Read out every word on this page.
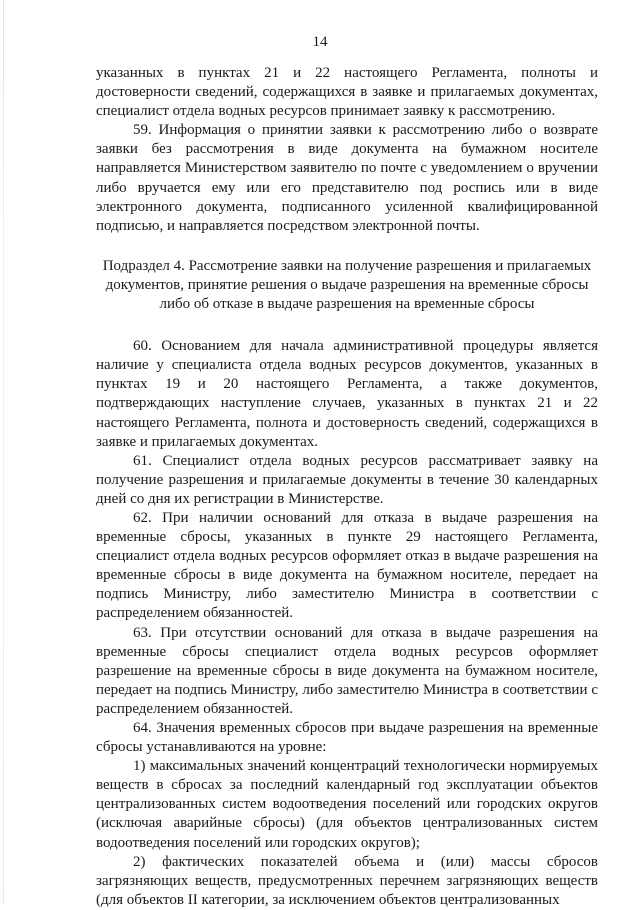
14

указанных в пунктах 21 и 22 настоящего Регламента, полноты и достоверности сведений, содержащихся в заявке и прилагаемых документах, специалист отдела водных ресурсов принимает заявку к рассмотрению.

59. Информация о принятии заявки к рассмотрению либо о возврате заявки без рассмотрения в виде документа на бумажном носителе направляется Министерством заявителю по почте с уведомлением о вручении либо вручается ему или его представителю под роспись или в виде электронного документа, подписанного усиленной квалифицированной подписью, и направляется посредством электронной почты.

Подраздел 4. Рассмотрение заявки на получение разрешения и прилагаемых документов, принятие решения о выдаче разрешения на временные сбросы либо об отказе в выдаче разрешения на временные сбросы

60. Основанием для начала административной процедуры является наличие у специалиста отдела водных ресурсов документов, указанных в пунктах 19 и 20 настоящего Регламента, а также документов, подтверждающих наступление случаев, указанных в пунктах 21 и 22 настоящего Регламента, полнота и достоверность сведений, содержащихся в заявке и прилагаемых документах.

61. Специалист отдела водных ресурсов рассматривает заявку на получение разрешения и прилагаемые документы в течение 30 календарных дней со дня их регистрации в Министерстве.

62. При наличии оснований для отказа в выдаче разрешения на временные сбросы, указанных в пункте 29 настоящего Регламента, специалист отдела водных ресурсов оформляет отказ в выдаче разрешения на временные сбросы в виде документа на бумажном носителе, передает на подпись Министру, либо заместителю Министра в соответствии с распределением обязанностей.

63. При отсутствии оснований для отказа в выдаче разрешения на временные сбросы специалист отдела водных ресурсов оформляет разрешение на временные сбросы в виде документа на бумажном носителе, передает на подпись Министру, либо заместителю Министра в соответствии с распределением обязанностей.

64. Значения временных сбросов при выдаче разрешения на временные сбросы устанавливаются на уровне:

1) максимальных значений концентраций технологически нормируемых веществ в сбросах за последний календарный год эксплуатации объектов централизованных систем водоотведения поселений или городских округов (исключая аварийные сбросы) (для объектов централизованных систем водоотведения поселений или городских округов);

2) фактических показателей объема и (или) массы сбросов загрязняющих веществ, предусмотренных перечнем загрязняющих веществ (для объектов II категории, за исключением объектов централизованных
